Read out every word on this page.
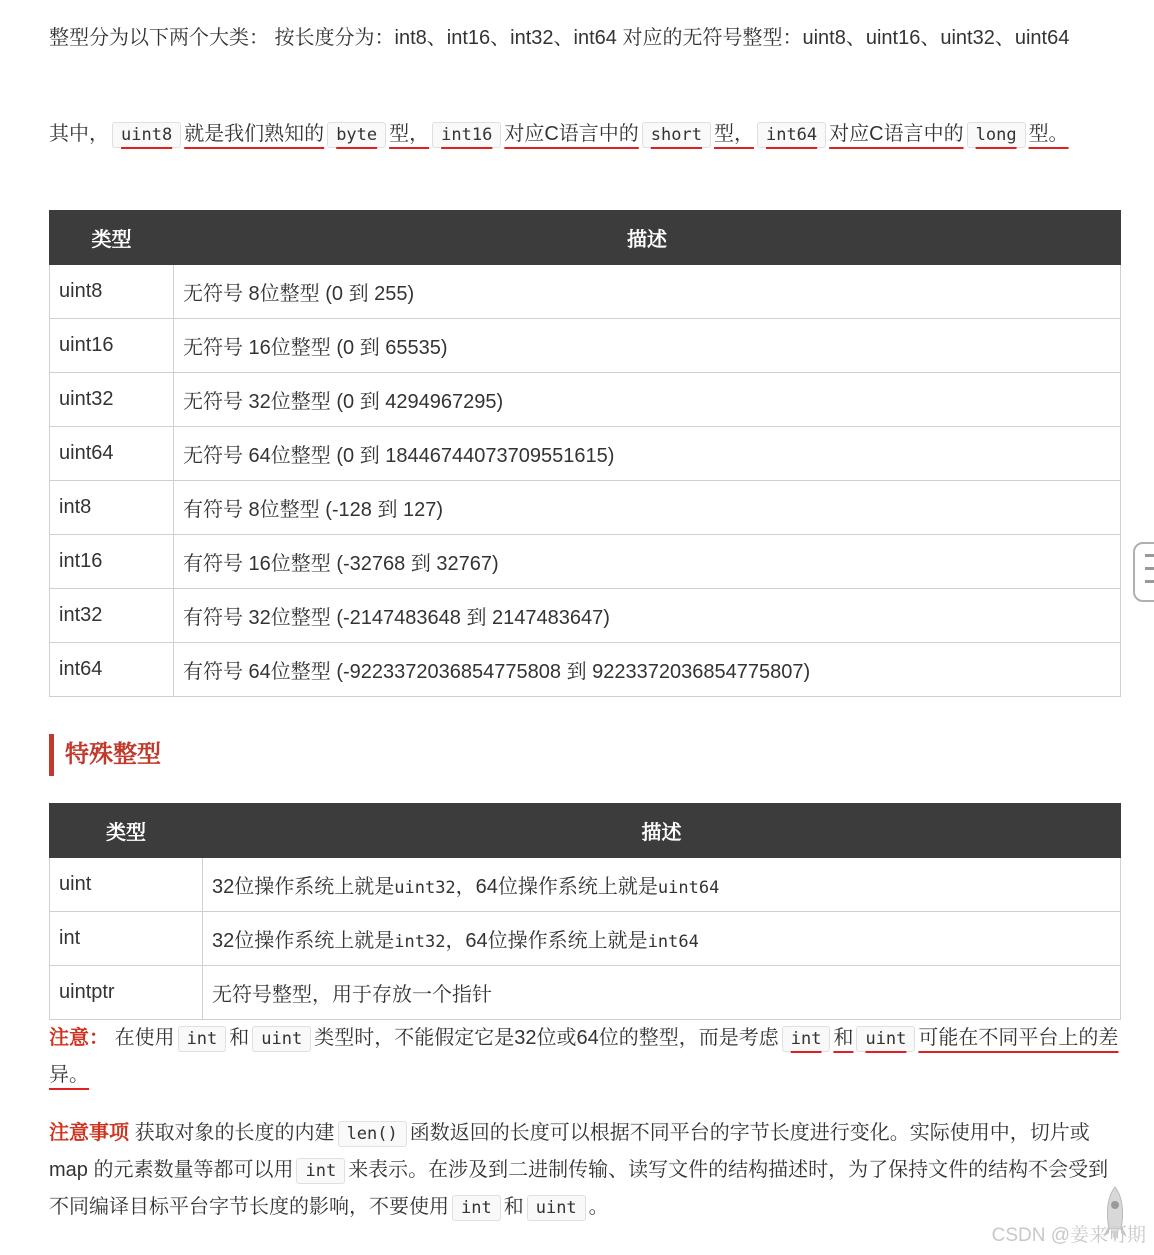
整型分为以下两个大类： 按长度分为：int8、int16、int32、int64 对应的无符号整型：uint8、uint16、uint32、uint64

其中， uint8 就是我们熟知的 byte 型， int16 对应C语言中的 short 型， int64 对应C语言中的 long 型。

类型	描述
uint8	无符号 8位整型 (0 到 255)
uint16	无符号 16位整型 (0 到 65535)
uint32	无符号 32位整型 (0 到 4294967295)
uint64	无符号 64位整型 (0 到 18446744073709551615)
int8	有符号 8位整型 (-128 到 127)
int16	有符号 16位整型 (-32768 到 32767)
int32	有符号 32位整型 (-2147483648 到 2147483647)
int64	有符号 64位整型 (-9223372036854775808 到 9223372036854775807)
特殊整型
类型	描述
uint	32位操作系统上就是uint32，64位操作系统上就是uint64
int	32位操作系统上就是int32，64位操作系统上就是int64
uintptr	无符号整型，用于存放一个指针

注意： 在使用 int 和 uint 类型时，不能假定它是32位或64位的整型，而是考虑 int 和 uint 可能在不同平台上的差异。

注意事项 获取对象的长度的内建 len() 函数返回的长度可以根据不同平台的字节长度进行变化。实际使用中，切片或 map 的元素数量等都可以用 int 来表示。在涉及到二进制传输、读写文件的结构描述时，为了保持文件的结构不会受到不同编译目标平台字节长度的影响，不要使用 int 和 uint 。

CSDN @姜来可期
